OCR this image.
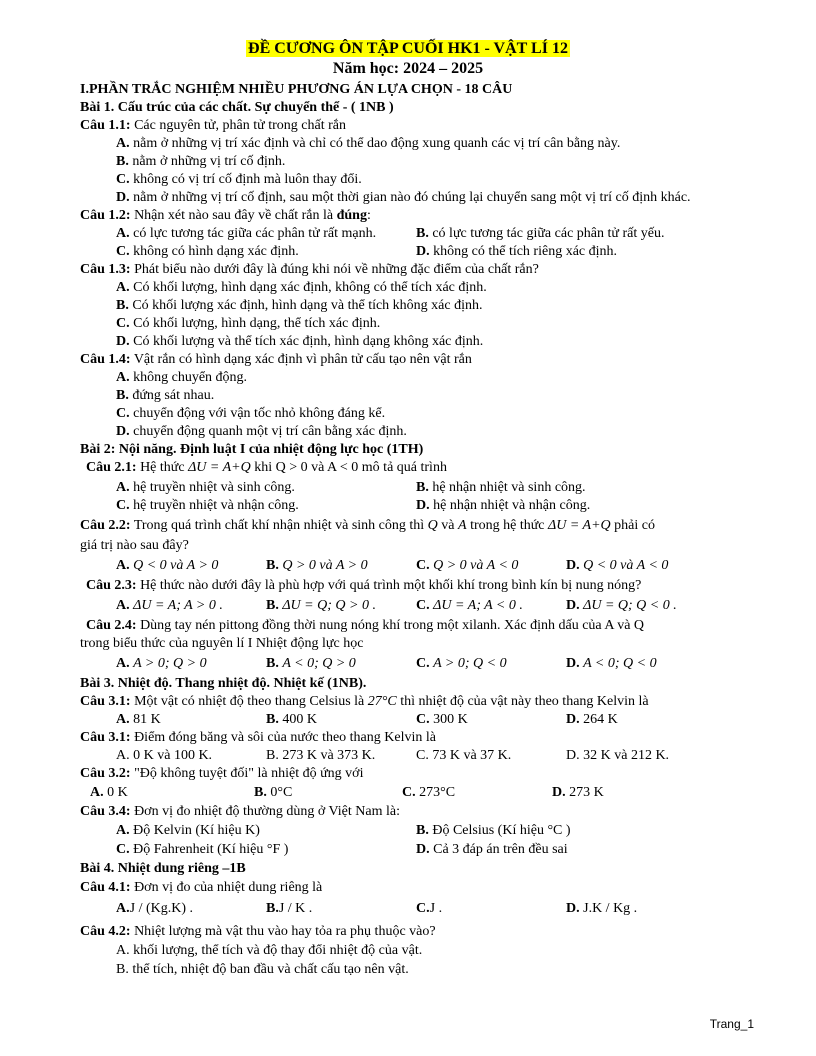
ĐỀ CƯƠNG ÔN TẬP CUỐI HK1 - VẬT LÍ 12
Năm học: 2024 – 2025
I.PHẦN TRẮC NGHIỆM NHIỀU PHƯƠNG ÁN LỰA CHỌN - 18 CÂU
Bài 1. Cấu trúc của các chất. Sự chuyển thể - ( 1NB )
Câu 1.1: Các nguyên tử, phân tử trong chất rắn
A. nằm ở những vị trí xác định và chỉ có thể dao động xung quanh các vị trí cân bằng này.
B. nằm ở những vị trí cố định.
C. không có vị trí cố định mà luôn thay đổi.
D. nằm ở những vị trí cố định, sau một thời gian nào đó chúng lại chuyển sang một vị trí cố định khác.
Câu 1.2: Nhận xét nào sau đây về chất rắn là đúng:
A. có lực tương tác giữa các phân tử rất mạnh.	B. có lực tương tác giữa các phân tử rất yếu.
C. không có hình dạng xác định.	D. không có thể tích riêng xác định.
Câu 1.3: Phát biểu nào dưới đây là đúng khi nói về những đặc điểm của chất rắn?
A. Có khối lượng, hình dạng xác định, không có thể tích xác định.
B. Có khối lượng xác định, hình dạng và thể tích không xác định.
C. Có khối lượng, hình dạng, thể tích xác định.
D. Có khối lượng và thể tích xác định, hình dạng không xác định.
Câu 1.4: Vật rắn có hình dạng xác định vì phân tử cấu tạo nên vật rắn
A. không chuyển động.
B. đứng sát nhau.
C. chuyển động với vận tốc nhỏ không đáng kể.
D. chuyển động quanh một vị trí cân bằng xác định.
Bài 2: Nội năng. Định luật I của nhiệt động lực học (1TH)
Câu 2.1: Hệ thức ΔU = A+Q khi Q > 0 và A < 0 mô tả quá trình
A. hệ truyền nhiệt và sinh công.	B. hệ nhận nhiệt và sinh công.
C. hệ truyền nhiệt và nhận công.	D. hệ nhận nhiệt và nhận công.
Câu 2.2: Trong quá trình chất khí nhận nhiệt và sinh công thì Q và A trong hệ thức ΔU = A+Q phải có
giá trị nào sau đây?
A. Q < 0 và A > 0	B. Q > 0 và A > 0	C. Q > 0 và A < 0	D. Q < 0 và A < 0
Câu 2.3: Hệ thức nào dưới đây là phù hợp với quá trình một khối khí trong bình kín bị nung nóng?
A. ΔU = A; A > 0 .	B. ΔU = Q; Q > 0 .	C. ΔU = A; A < 0 .	D. ΔU = Q; Q < 0 .
Câu 2.4: Dùng tay nén pittong đồng thời nung nóng khí trong một xilanh. Xác định dấu của A và Q
trong biểu thức của nguyên lí I Nhiệt động lực học
A. A > 0; Q > 0	B. A < 0; Q > 0	C. A > 0; Q < 0	D. A < 0; Q < 0
Bài 3. Nhiệt độ. Thang nhiệt độ. Nhiệt kế (1NB).
Câu 3.1: Một vật có nhiệt độ theo thang Celsius là 27°C thì nhiệt độ của vật này theo thang Kelvin là
A. 81 K	B. 400 K	C. 300 K	D. 264 K
Câu 3.1: Điểm đóng băng và sôi của nước theo thang Kelvin là
A. 0 K và 100 K.	B. 273 K và 373 K.	C. 73 K và 37 K.	D. 32 K và 212 K.
Câu 3.2: "Độ không tuyệt đối" là nhiệt độ ứng với
A. 0 K	B. 0°C	C. 273°C	D. 273 K
Câu 3.4: Đơn vị đo nhiệt độ thường dùng ở Việt Nam là:
A. Độ Kelvin (Kí hiệu K)	B. Độ Celsius (Kí hiệu °C )
C. Độ Fahrenheit (Kí hiệu °F )	D. Cả 3 đáp án trên đều sai
Bài 4. Nhiệt dung riêng –1B
Câu 4.1: Đơn vị đo của nhiệt dung riêng là
A.J / (Kg.K) .	B.J / K .	C.J .	D. J.K / Kg .
Câu 4.2: Nhiệt lượng mà vật thu vào hay tỏa ra phụ thuộc vào?
A. khối lượng, thể tích và độ thay đổi nhiệt độ của vật.
B. thể tích, nhiệt độ ban đầu và chất cấu tạo nên vật.
Trang_1
